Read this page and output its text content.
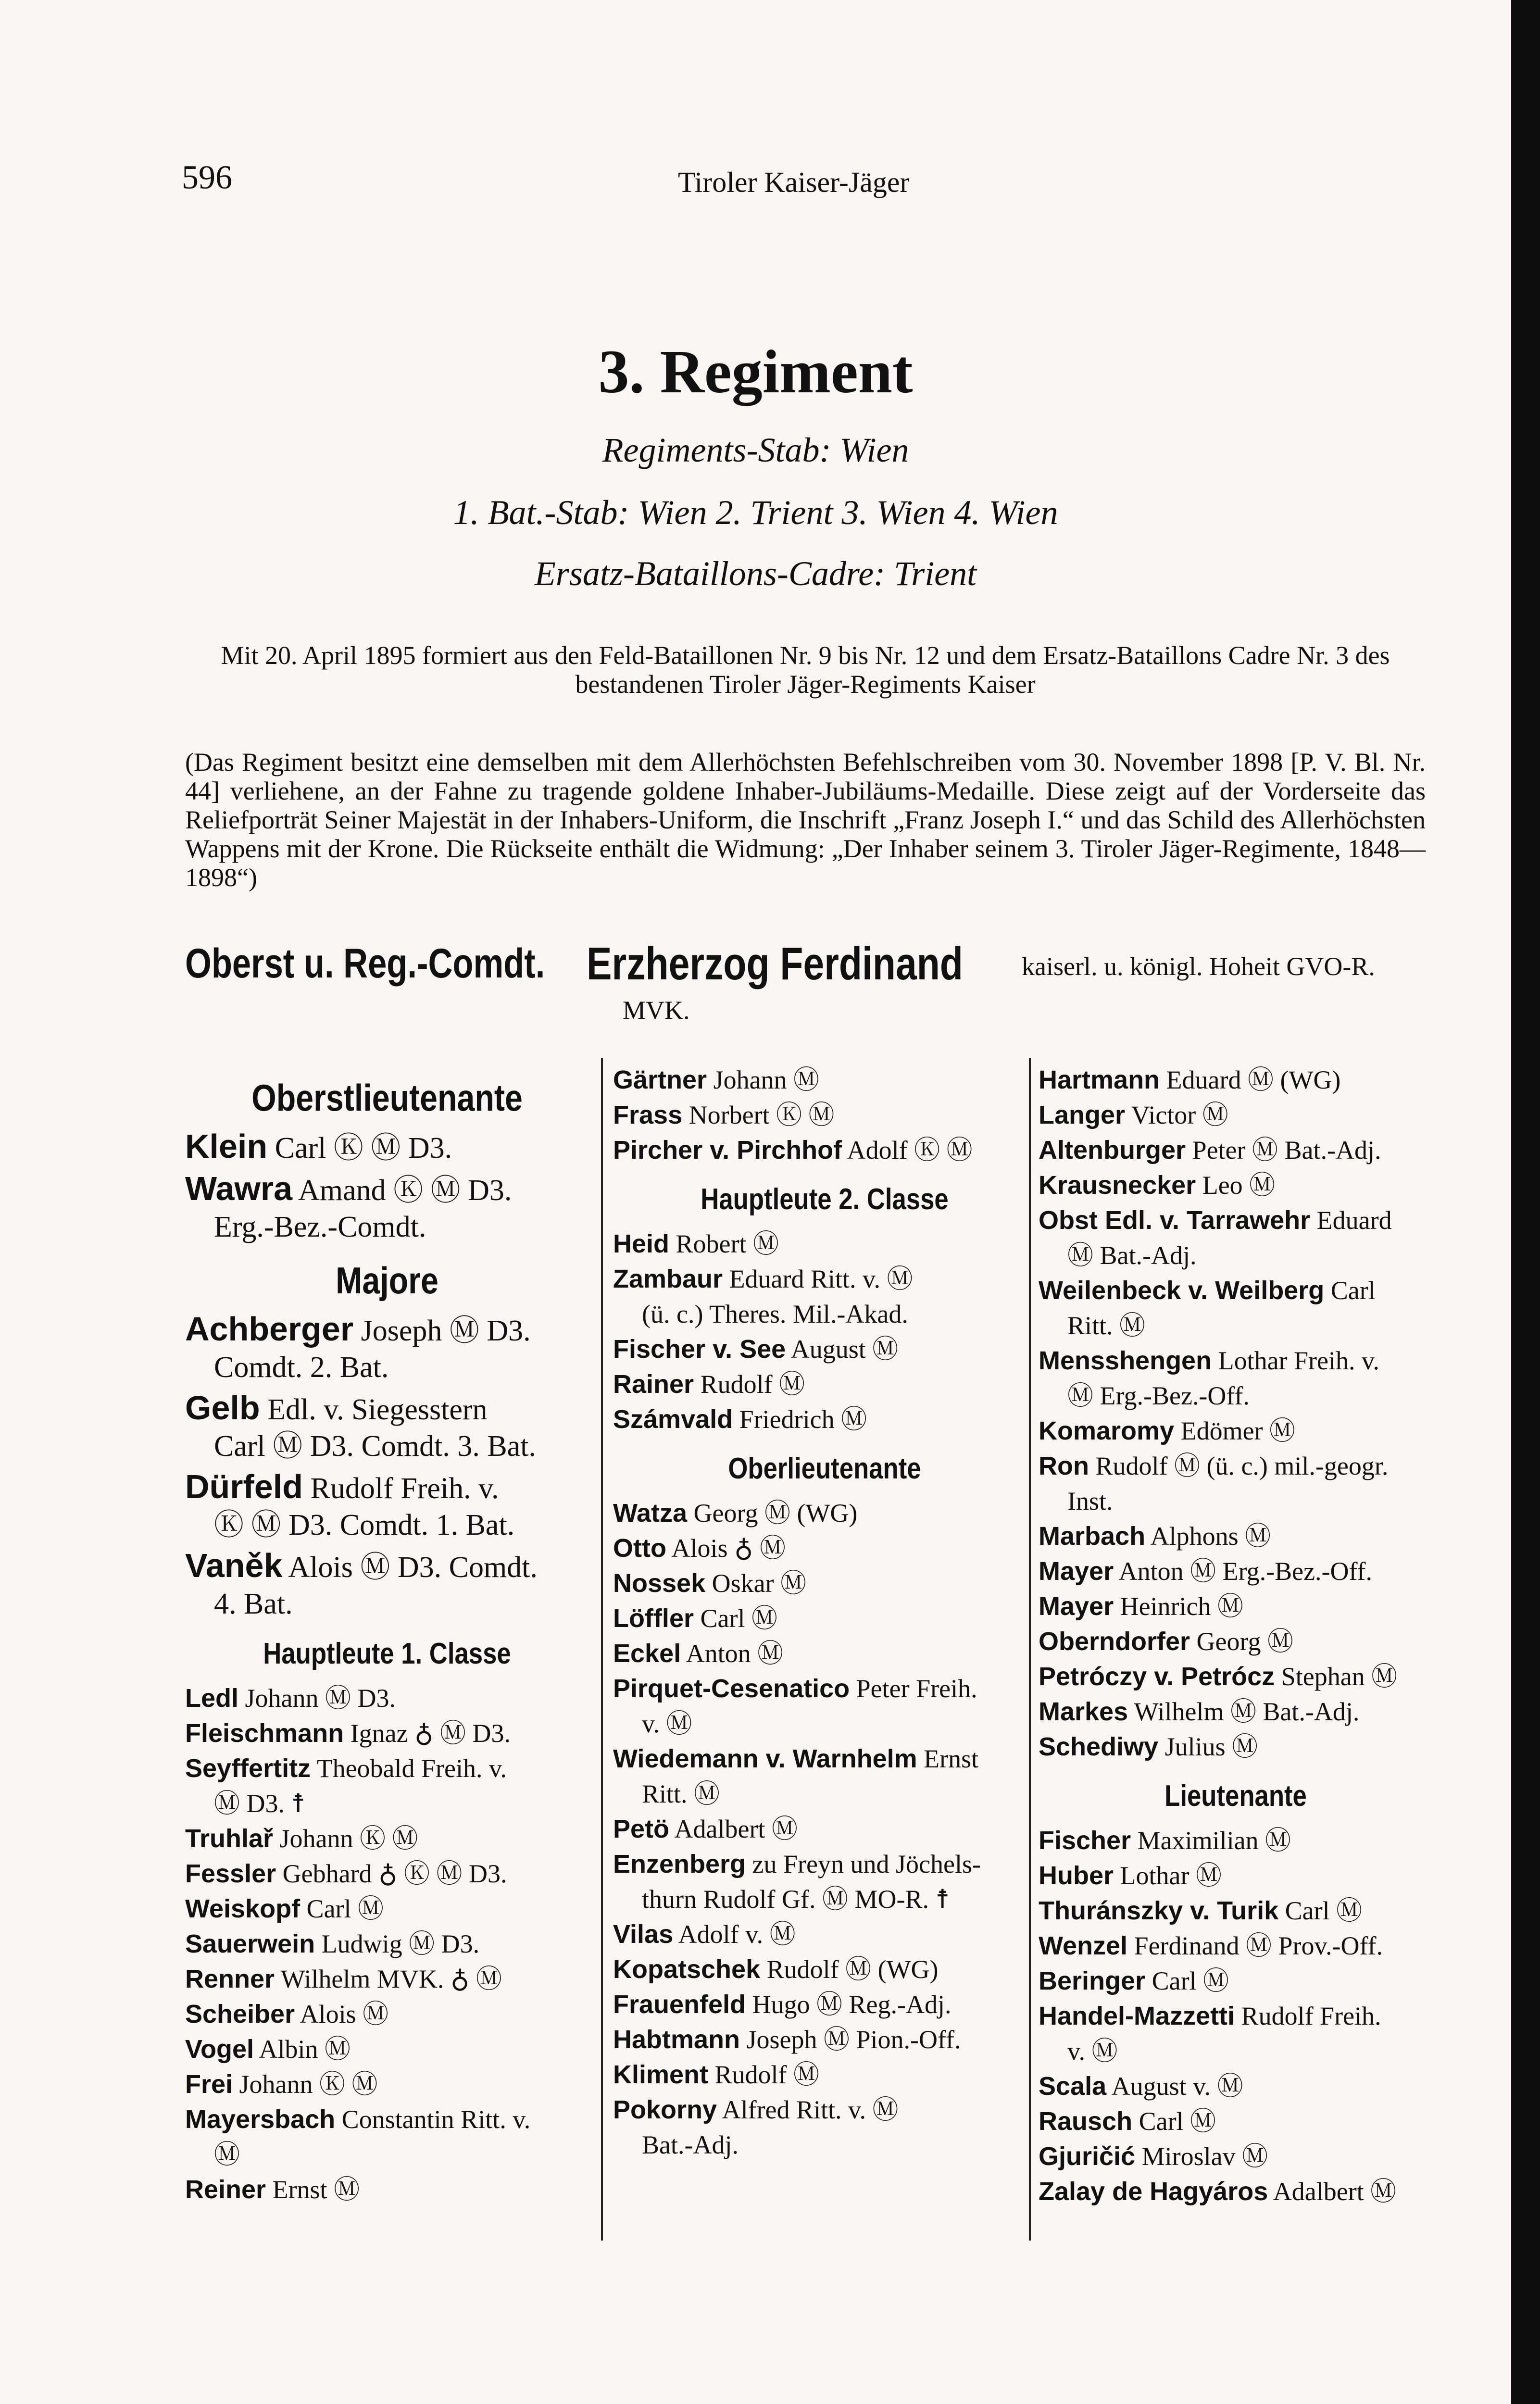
596	Tiroler Kaiser-Jäger
3. Regiment
Regiments-Stab: Wien
1. Bat.-Stab: Wien 2. Trient 3. Wien 4. Wien
Ersatz-Bataillons-Cadre: Trient
Mit 20. April 1895 formiert aus den Feld-Bataillonen Nr. 9 bis Nr. 12 und dem Ersatz-Bataillons Cadre Nr. 3 des bestandenen Tiroler Jäger-Regiments Kaiser
(Das Regiment besitzt eine demselben mit dem Allerhöchsten Befehlschreiben vom 30. November 1898 [P. V. Bl. Nr. 44] verliehene, an der Fahne zu tragende goldene Inhaber-Jubiläums-Medaille. Diese zeigt auf der Vorderseite das Reliefporträt Seiner Majestät in der Inhabers-Uniform, die Inschrift „Franz Joseph I.“ und das Schild des Allerhöchsten Wappens mit der Krone. Die Rückseite enthält die Widmung: „Der Inhaber seinem 3. Tiroler Jäger-Regimente, 1848—1898“)
Oberst u. Reg.-Comdt. Erzherzog Ferdinand kaiserl. u. königl. Hoheit GVO-R.
MVK.
Oberstlieutenante
Klein Carl Ⓚ Ⓜ D3.
Wawra Amand Ⓚ Ⓜ D3.
Erg.-Bez.-Comdt.
Majore
Achberger Joseph Ⓜ D3.
Comdt. 2. Bat.
Gelb Edl. v. Siegesstern
Carl Ⓜ D3. Comdt. 3. Bat.
Dürfeld Rudolf Freih. v.
Ⓚ Ⓜ D3. Comdt. 1. Bat.
Vaněk Alois Ⓜ D3. Comdt.
4. Bat.
Hauptleute 1. Classe
Ledl Johann Ⓜ D3.
Fleischmann Ignaz ♁ Ⓜ D3.
Seyffertitz Theobald Freih. v.
Ⓜ D3. ☨
Truhlař Johann Ⓚ Ⓜ
Fessler Gebhard ♁ Ⓚ Ⓜ D3.
Weiskopf Carl Ⓜ
Sauerwein Ludwig Ⓜ D3.
Renner Wilhelm MVK. ♁ Ⓜ
Scheiber Alois Ⓜ
Vogel Albin Ⓜ
Frei Johann Ⓚ Ⓜ
Mayersbach Constantin Ritt. v.
Ⓜ
Reiner Ernst Ⓜ
Gärtner Johann Ⓜ
Frass Norbert Ⓚ Ⓜ
Pircher v. Pirchhof Adolf Ⓚ Ⓜ
Hauptleute 2. Classe
Heid Robert Ⓜ
Zambaur Eduard Ritt. v. Ⓜ
(ü. c.) Theres. Mil.-Akad.
Fischer v. See August Ⓜ
Rainer Rudolf Ⓜ
Számvald Friedrich Ⓜ
Oberlieutenante
Watza Georg Ⓜ (WG)
Otto Alois ♁ Ⓜ
Nossek Oskar Ⓜ
Löffler Carl Ⓜ
Eckel Anton Ⓜ
Pirquet-Cesenatico Peter Freih.
v. Ⓜ
Wiedemann v. Warnhelm Ernst
Ritt. Ⓜ
Petö Adalbert Ⓜ
Enzenberg zu Freyn und Jöchels-
thurn Rudolf Gf. Ⓜ MO-R. ☨
Vilas Adolf v. Ⓜ
Kopatschek Rudolf Ⓜ (WG)
Frauenfeld Hugo Ⓜ Reg.-Adj.
Habtmann Joseph Ⓜ Pion.-Off.
Kliment Rudolf Ⓜ
Pokorny Alfred Ritt. v. Ⓜ
Bat.-Adj.
Hartmann Eduard Ⓜ (WG)
Langer Victor Ⓜ
Altenburger Peter Ⓜ Bat.-Adj.
Krausnecker Leo Ⓜ
Obst Edl. v. Tarrawehr Eduard
Ⓜ Bat.-Adj.
Weilenbeck v. Weilberg Carl
Ritt. Ⓜ
Mensshengen Lothar Freih. v.
Ⓜ Erg.-Bez.-Off.
Komaromy Edömer Ⓜ
Ron Rudolf Ⓜ (ü. c.) mil.-geogr.
Inst.
Marbach Alphons Ⓜ
Mayer Anton Ⓜ Erg.-Bez.-Off.
Mayer Heinrich Ⓜ
Oberndorfer Georg Ⓜ
Petróczy v. Petrócz Stephan Ⓜ
Markes Wilhelm Ⓜ Bat.-Adj.
Schediwy Julius Ⓜ
Lieutenante
Fischer Maximilian Ⓜ
Huber Lothar Ⓜ
Thuránszky v. Turik Carl Ⓜ
Wenzel Ferdinand Ⓜ Prov.-Off.
Beringer Carl Ⓜ
Handel-Mazzetti Rudolf Freih.
v. Ⓜ
Scala August v. Ⓜ
Rausch Carl Ⓜ
Gjuričić Miroslav Ⓜ
Zalay de Hagyáros Adalbert Ⓜ
